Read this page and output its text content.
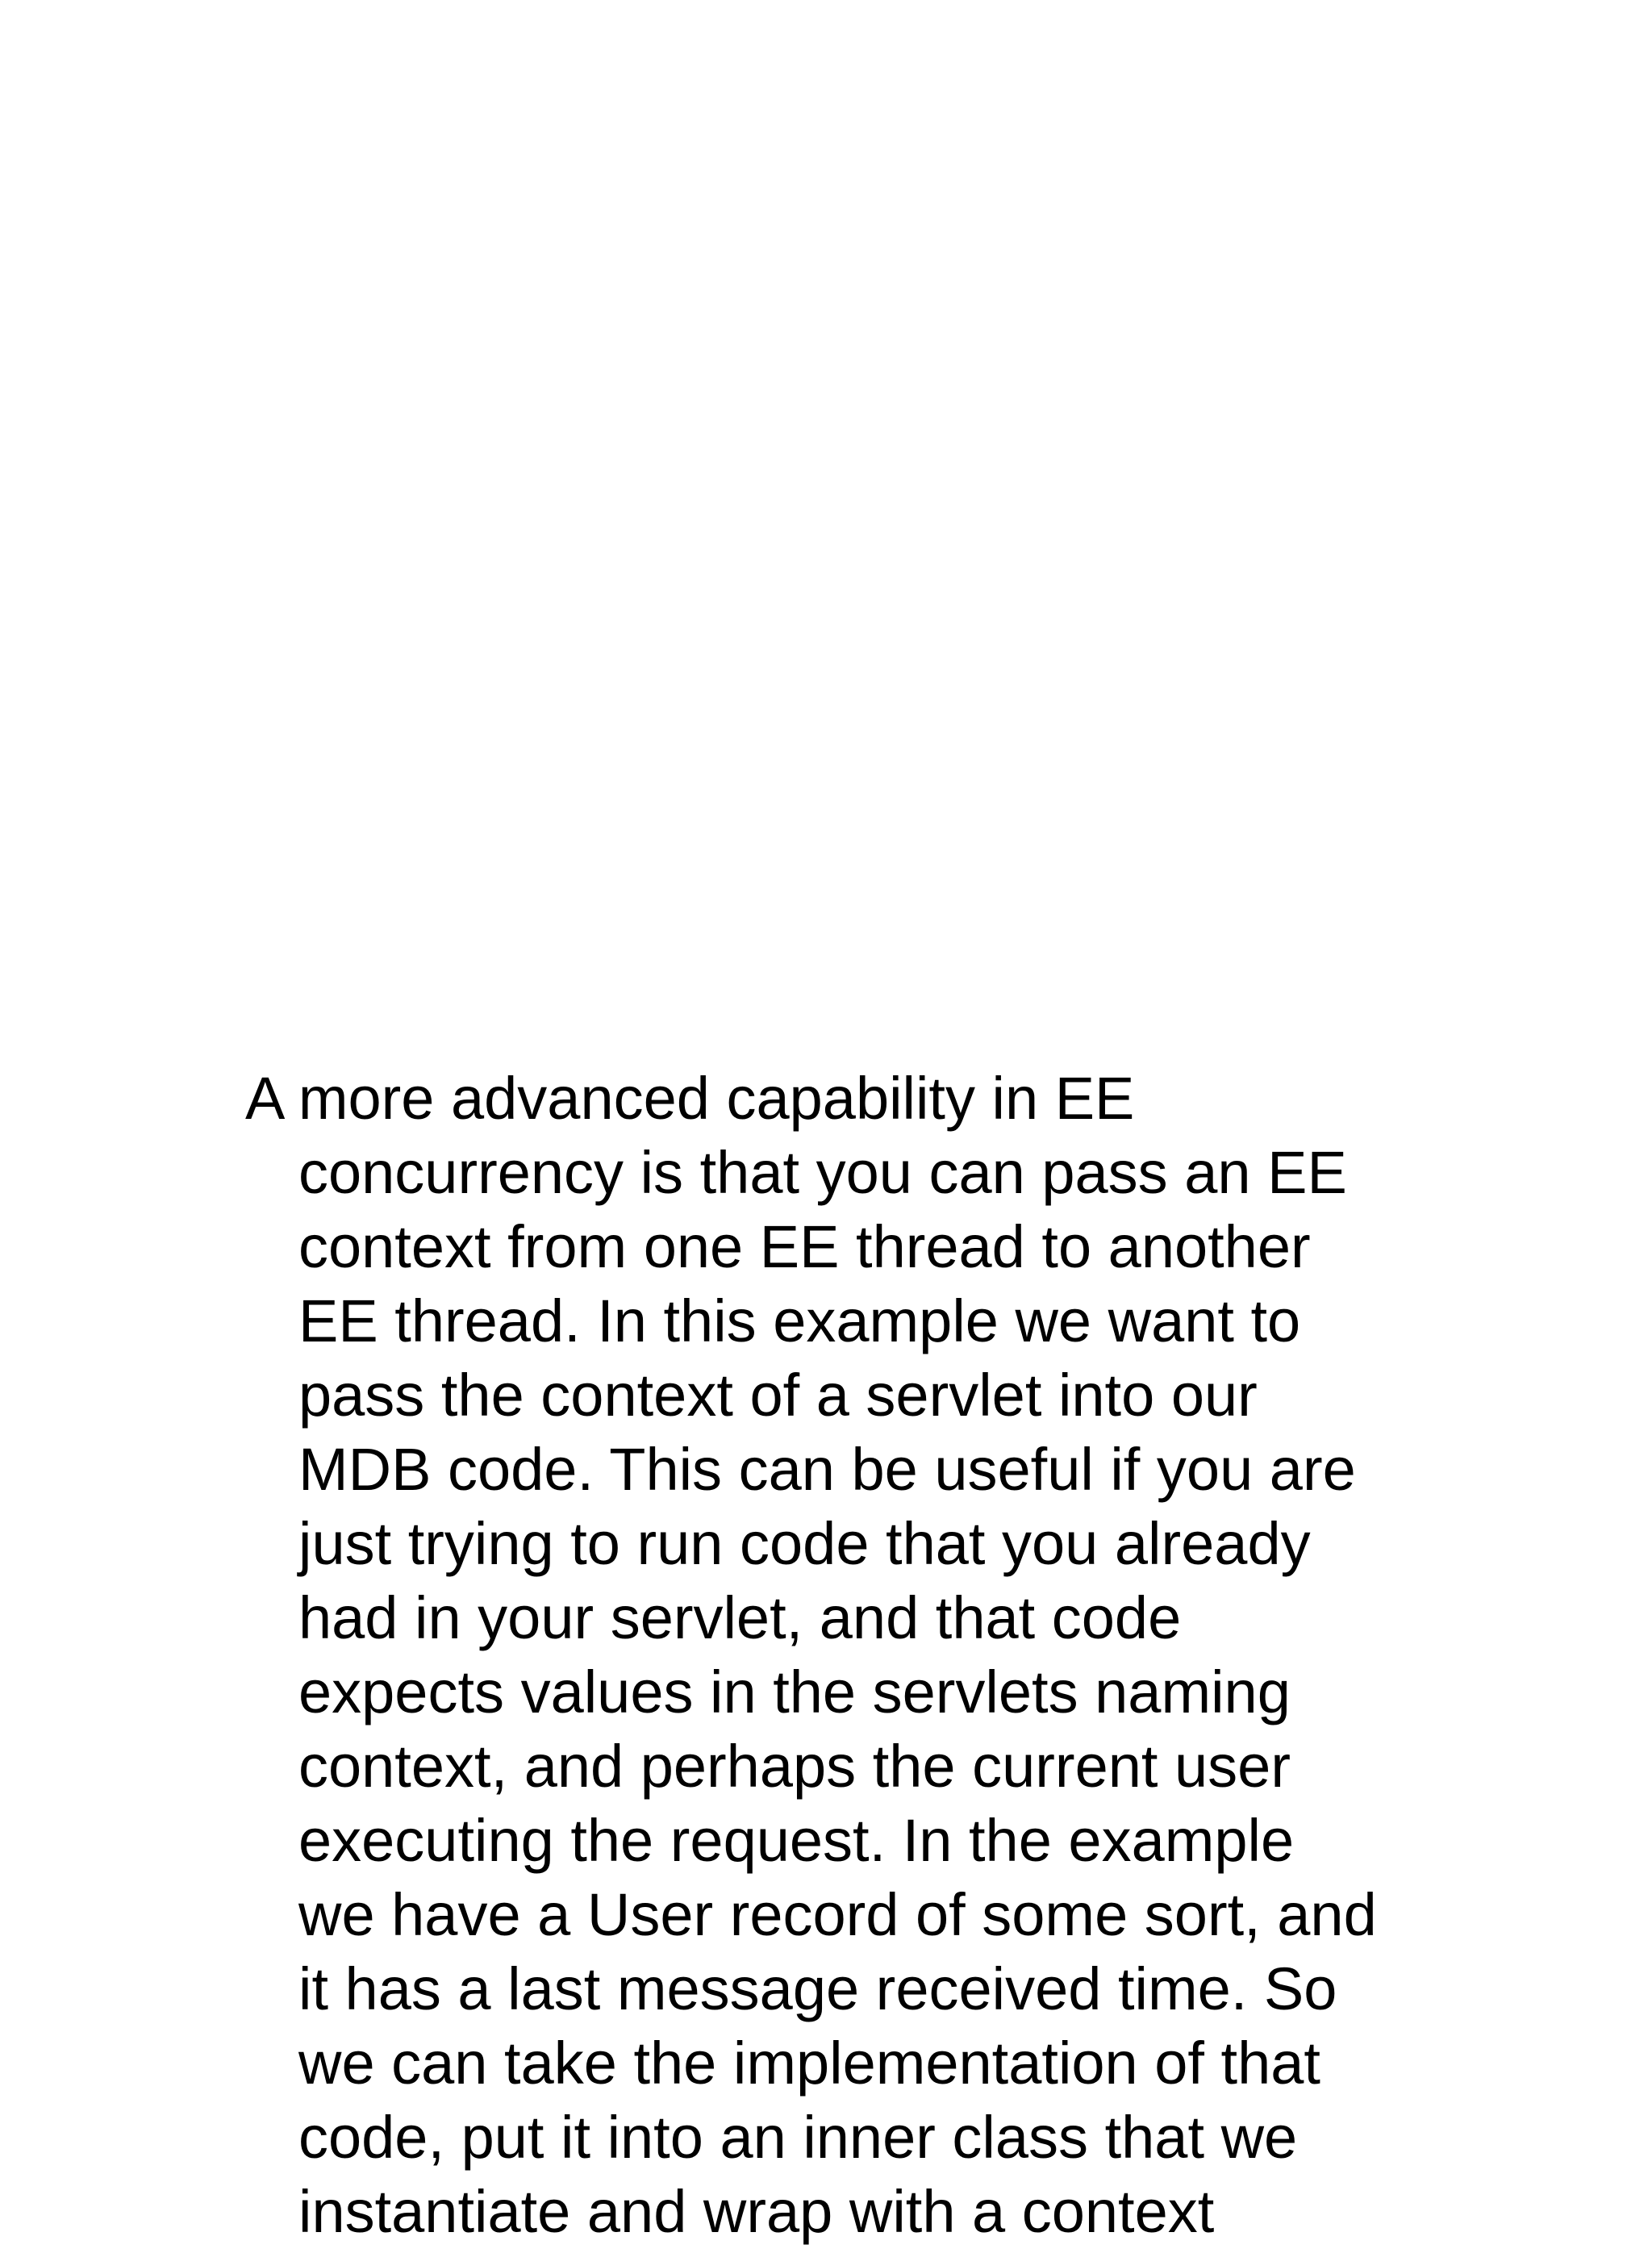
A more advanced capability in EE
concurrency is that you can pass an EE
context from one EE thread to another
EE thread. In this example we want to
pass the context of a servlet into our
MDB code. This can be useful if you are
just trying to run code that you already
had in your servlet, and that code
expects values in the servlets naming
context, and perhaps the current user
executing the request. In the example
we have a User record of some sort, and
it has a last message received time. So
we can take the implementation of that
code, put it into an inner class that we
instantiate and wrap with a context
